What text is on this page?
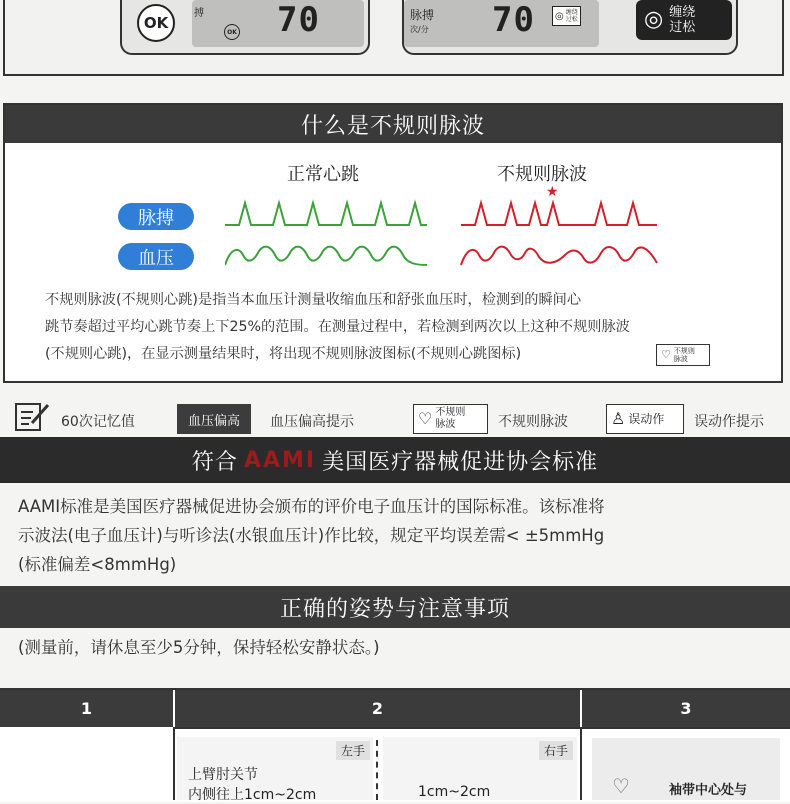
OK
搏
OK 70	脉搏
次/分 70 ◎ 缠绕
过松	◎ 缠绕
过松
什么是不规则脉波
正常心跳	不规则脉波
★
脉搏
血压
不规则脉波(不规则心跳)是指当本血压计测量收缩血压和舒张血压时，检测到的瞬间心
跳节奏超过平均心跳节奏上下25%的范围。在测量过程中，若检测到两次以上这种不规则脉波
(不规则心跳)，在显示测量结果时，将出现不规则脉波图标(不规则心跳图标)	♡ 不规则
脉波
60次记忆值	血压偏高	血压偏高提示	♡ 不规则
脉波	不规则脉波	♙ 误动作 误动作提示
符合 AAMI 美国医疗器械促进协会标准
AAMI标准是美国医疗器械促进协会颁布的评价电子血压计的国际标准。该标准将
示波法(电子血压计)与听诊法(水银血压计)作比较，规定平均误差需< ±5mmHg
(标准偏差<8mmHg)
正确的姿势与注意事项
(测量前，请休息至少5分钟，保持轻松安静状态。)
1	2	3
左手	右手
上臂肘关节
内侧往上1cm~2cm	1cm~2cm	♡	袖带中心处与
